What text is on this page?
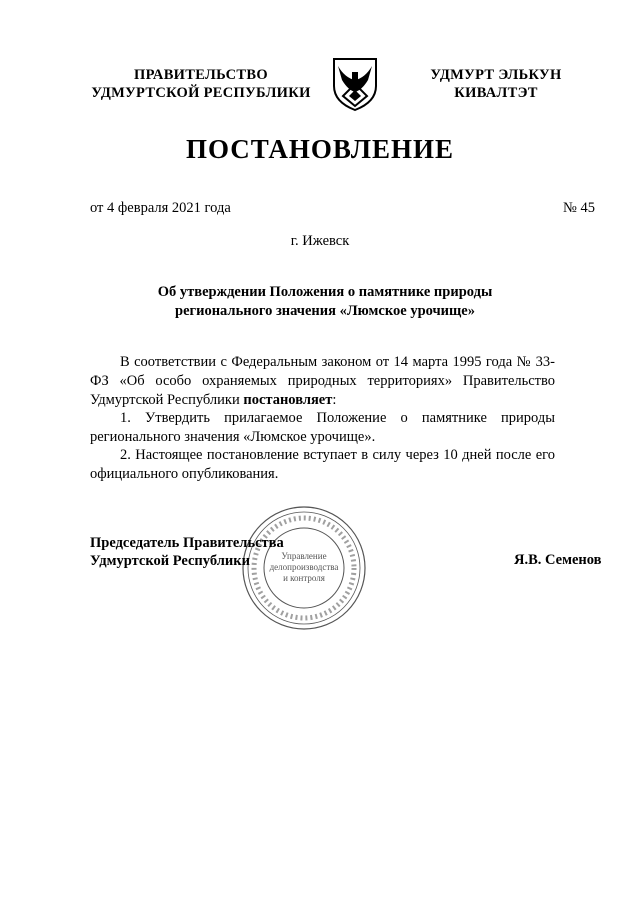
ПРАВИТЕЛЬСТВО
УДМУРТСКОЙ РЕСПУБЛИКИ
УДМУРТ ЭЛЬКУН
КИВАЛТЭТ
ПОСТАНОВЛЕНИЕ
от 4 февраля 2021 года	№ 45
г. Ижевск
Об утверждении Положения о памятнике природы
регионального значения «Люмское урочище»
В соответствии с Федеральным законом от 14 марта 1995 года № 33-ФЗ «Об особо охраняемых природных территориях» Правительство Удмуртской Республики постановляет:
1. Утвердить прилагаемое Положение о памятнике природы регионального значения «Люмское урочище».
2. Настоящее постановление вступает в силу через 10 дней после его официального опубликования.
Управление
делопроизводства
и контроля
Председатель Правительства
Удмуртской Республики	Я.В. Семенов
